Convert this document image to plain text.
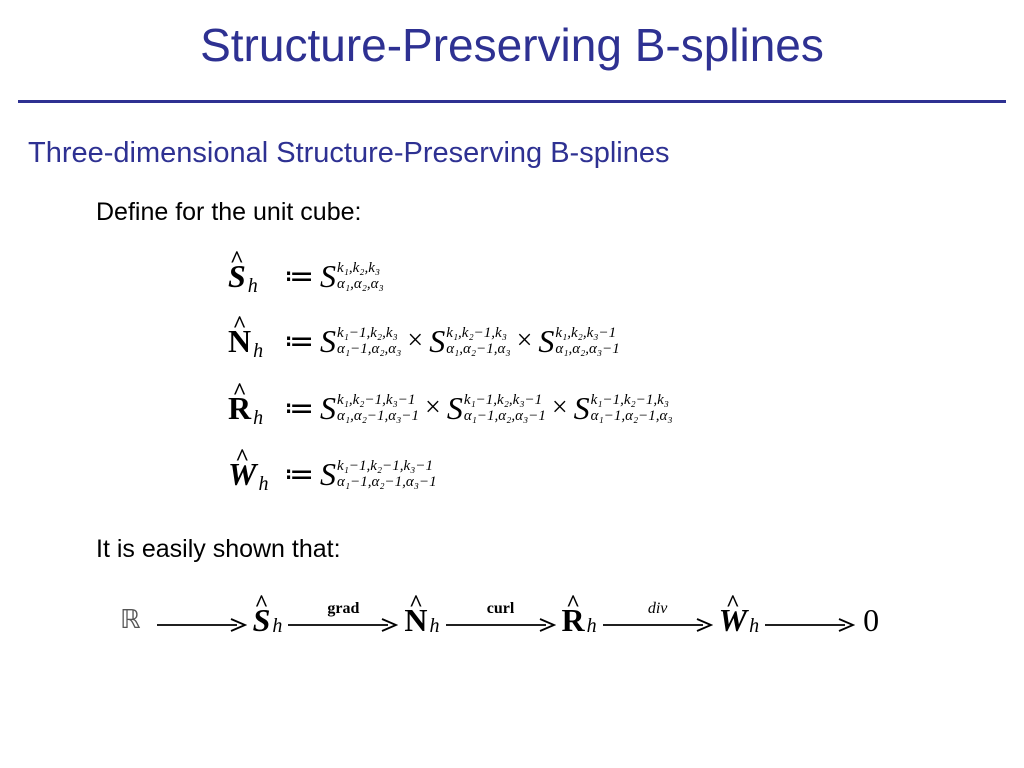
Structure-Preserving B-splines
Three-dimensional Structure-Preserving B-splines
Define for the unit cube:
^ S h ≔ S k₁,k₂,k₃
α₁,α₂,α₃
^ N h ≔ S k₁−1,k₂,k₃
α₁−1,α₂,α₃ × S k₁,k₂−1,k₃
α₁,α₂−1,α₃ × S k₁,k₂,k₃−1
α₁,α₂,α₃−1
^ R h ≔ S k₁,k₂−1,k₃−1
α₁,α₂−1,α₃−1 × S k₁−1,k₂,k₃−1
α₁−1,α₂,α₃−1 × S k₁−1,k₂−1,k₃
α₁−1,α₂−1,α₃
^ W h ≔ S k₁−1,k₂−1,k₃−1
α₁−1,α₂−1,α₃−1
It is easily shown that:
ℝ	^ S h
grad ^ N h
curl ^ R h
div ^ W h	0
